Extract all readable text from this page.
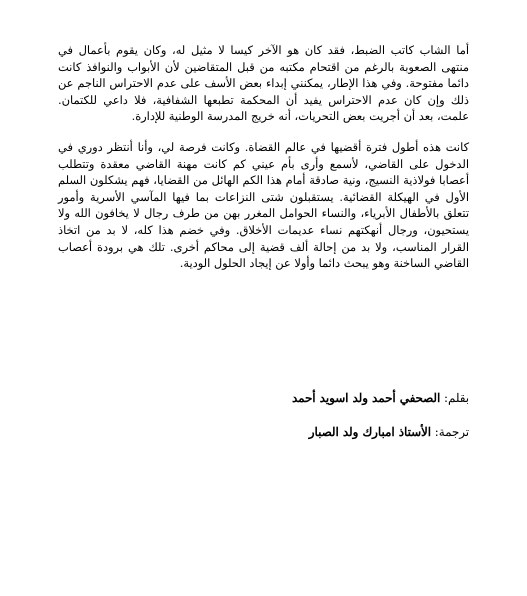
أما الشاب كاتب الضبط، فقد كان هو الآخر كيسا لا مثيل له، وكان يقوم بأعمال في منتهى الصعوبة بالرغم من اقتحام مكتبه من قبل المتقاضين لأن الأبواب والنوافذ كانت دائما مفتوحة. وفي هذا الإطار، يمكنني إبداء بعض الأسف على عدم الاحتراس الناجم عن ذلك وإن كان عدم الاحتراس يفيد أن المحكمة تطبعها الشفافية، فلا داعي للكتمان. علمت، بعد أن أجريت بعض التحريات، أنه خريج المدرسة الوطنية للإدارة.

كانت هذه أطول فترة أقضيها في عالم القضاة. وكانت فرصة لي، وأنا أنتظر دوري في الدخول على القاضي، لأسمع وأرى بأم عيني كم كانت مهنة القاضي معقدة وتتطلب أعصابا فولاذية النسيج، ونية صادقة أمام هذا الكم الهائل من القضايا، فهم يشكلون السلم الأول في الهيكلة القضائية. يستقبلون شتى النزاعات بما فيها المآسي الأسرية وأمور تتعلق بالأطفال الأبرياء، والنساء الحوامل المغرر بهن من طرف رجال لا يخافون الله ولا يستحيون، ورجال أنهكتهم نساء عديمات الأخلاق. وفي خضم هذا كله، لا بد من اتخاذ القرار المناسب، ولا بد من إحالة ألف قضية إلى محاكم أخرى. تلك هي برودة أعصاب القاضي الساخنة وهو يبحث دائما وأولا عن إيجاد الحلول الودية.

بقلم: الصحفي أحمد ولد اسويد أحمد

ترجمة: الأستاذ امبارك ولد الصبار
